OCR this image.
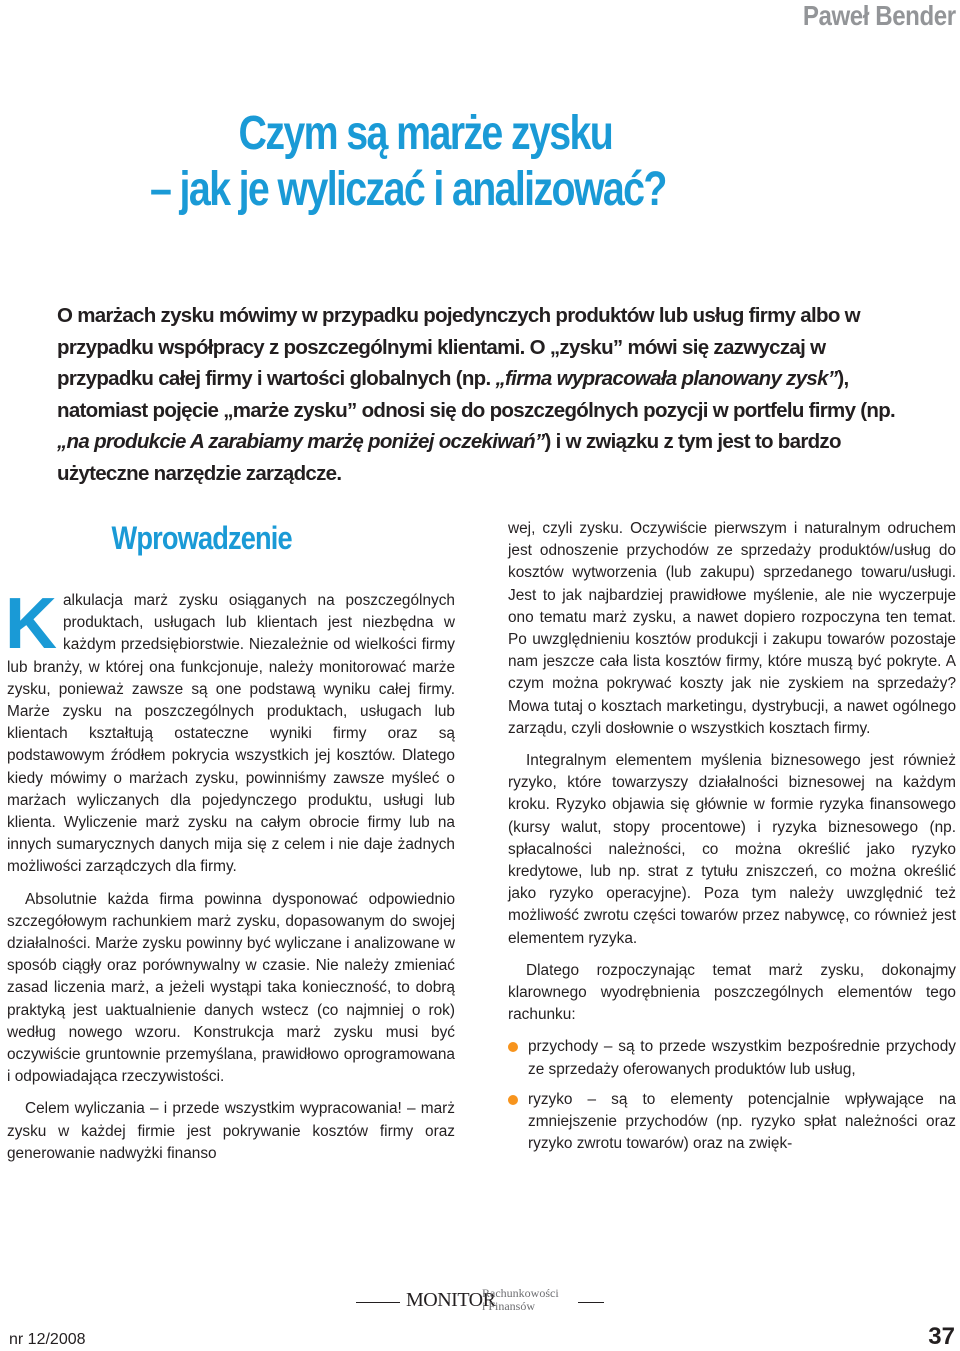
Paweł Bender
Czym są marże zysku
– jak je wyliczać i analizować?

O marżach zysku mówimy w przypadku pojedynczych produktów lub usług firmy albo w przypadku współpracy z poszczególnymi klientami. O „zysku” mówi się zazwyczaj w przypadku całej firmy i wartości globalnych (np. „firma wypracowała planowany zysk”), natomiast pojęcie „marże zysku” odnosi się do poszczególnych pozycji w portfelu firmy (np. „na produkcie A zarabiamy marżę poniżej oczekiwań”) i w związku z tym jest to bardzo użyteczne narzędzie zarządcze.

Wprowadzenie

Kalkulacja marż zysku osiąganych na poszczególnych produktach, usługach lub klientach jest niezbędna w każdym przedsiębiorstwie. Niezależnie od wielkości firmy lub branży, w której ona funkcjonuje, należy monitorować marże zysku, ponieważ zawsze są one podstawą wyniku całej firmy. Marże zysku na poszczególnych produktach, usługach lub klientach kształtują ostateczne wyniki firmy oraz są podstawowym źródłem pokrycia wszystkich jej kosztów. Dlatego kiedy mówimy o marżach zysku, powinniśmy zawsze myśleć o marżach wyliczanych dla pojedynczego produktu, usługi lub klienta. Wyliczenie marż zysku na całym obrocie firmy lub na innych sumarycznych danych mija się z celem i nie daje żadnych możliwości zarządczych dla firmy.

Absolutnie każda firma powinna dysponować odpowiednio szczegółowym rachunkiem marż zysku, dopasowanym do swojej działalności. Marże zysku powinny być wyliczane i analizowane w sposób ciągły oraz porównywalny w czasie. Nie należy zmieniać zasad liczenia marż, a jeżeli wystąpi taka konieczność, to dobrą praktyką jest uaktualnienie danych wstecz (co najmniej o rok) według nowego wzoru. Konstrukcja marż zysku musi być oczywiście gruntownie przemyślana, prawidłowo oprogramowana i odpowiadająca rzeczywistości.

Celem wyliczania – i przede wszystkim wypracowania! – marż zysku w każdej firmie jest pokrywanie kosztów firmy oraz generowanie nadwyżki finanso

wej, czyli zysku. Oczywiście pierwszym i naturalnym odruchem jest odnoszenie przychodów ze sprzedaży produktów/usług do kosztów wytworzenia (lub zakupu) sprzedanego towaru/usługi. Jest to jak najbardziej prawidłowe myślenie, ale nie wyczerpuje ono tematu marż zysku, a nawet dopiero rozpoczyna ten temat. Po uwzględnieniu kosztów produkcji i zakupu towarów pozostaje nam jeszcze cała lista kosztów firmy, które muszą być pokryte. A czym można pokrywać koszty jak nie zyskiem na sprzedaży? Mowa tutaj o kosztach marketingu, dystrybucji, a nawet ogólnego zarządu, czyli dosłownie o wszystkich kosztach firmy.

Integralnym elementem myślenia biznesowego jest również ryzyko, które towarzyszy działalności biznesowej na każdym kroku. Ryzyko objawia się głównie w formie ryzyka finansowego (kursy walut, stopy procentowe) i ryzyka biznesowego (np. spłacalności należności, co można określić jako ryzyko kredytowe, lub np. strat z tytułu zniszczeń, co można określić jako ryzyko operacyjne). Poza tym należy uwzględnić też możliwość zwrotu części towarów przez nabywcę, co również jest elementem ryzyka.

Dlatego rozpoczynając temat marż zysku, dokonajmy klarownego wyodrębnienia poszczególnych elementów tego rachunku:

przychody – są to przede wszystkim bezpośrednie przychody ze sprzedaży oferowanych produktów lub usług,
ryzyko – są to elementy potencjalnie wpływające na zmniejszenie przychodów (np. ryzyko spłat należności oraz ryzyko zwrotu towarów) oraz na zwięk-
MONITOR
Rachunkowości
i Finansów
nr 12/2008	37
